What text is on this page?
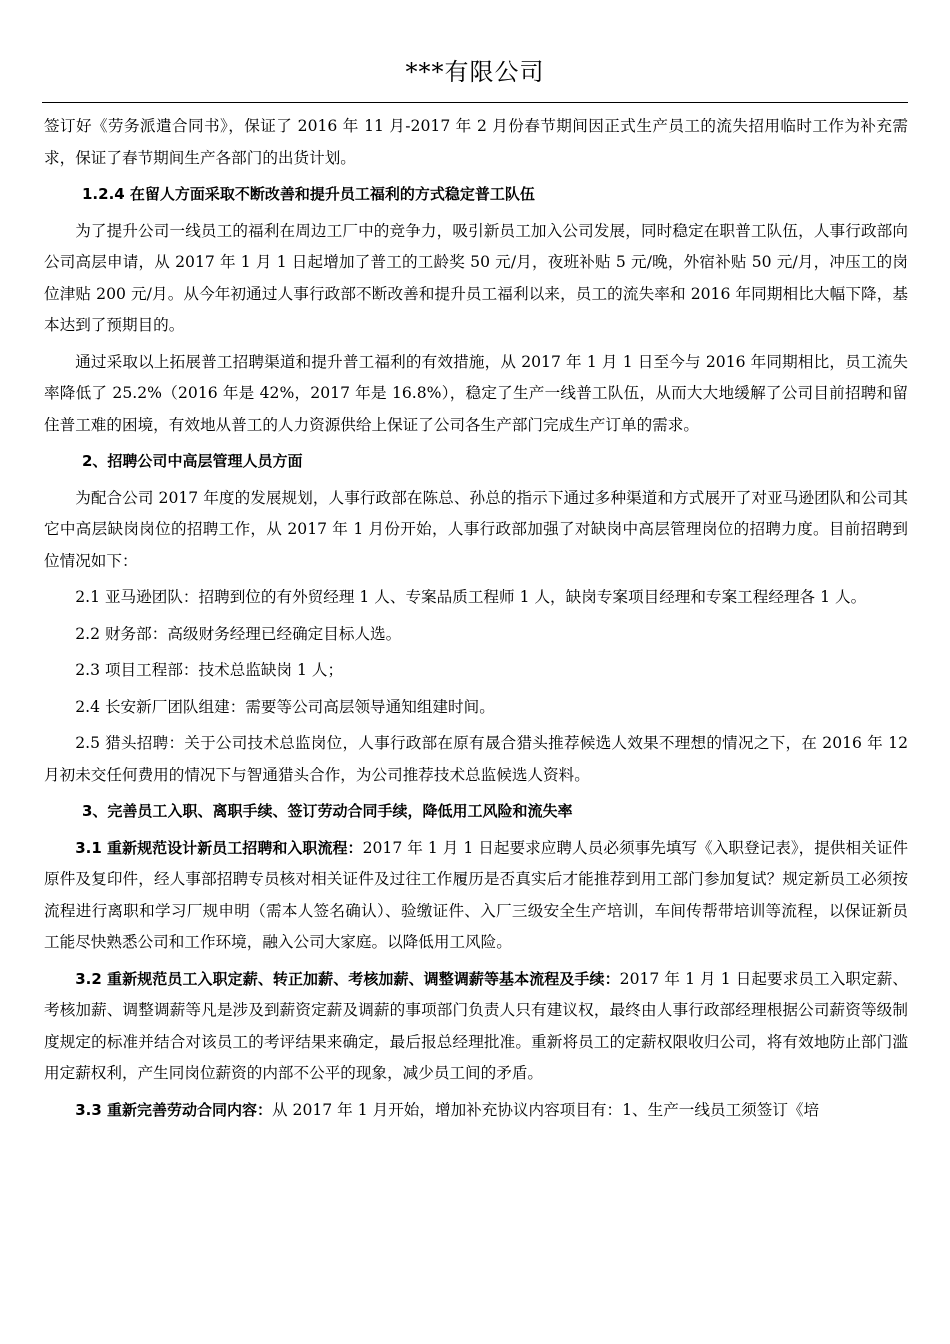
***有限公司

签订好《劳务派遣合同书》，保证了 2016 年 11 月-2017 年 2 月份春节期间因正式生产员工的流失招用临时工作为补充需求，保证了春节期间生产各部门的出货计划。

1.2.4 在留人方面采取不断改善和提升员工福利的方式稳定普工队伍

为了提升公司一线员工的福利在周边工厂中的竞争力，吸引新员工加入公司发展，同时稳定在职普工队伍，人事行政部向公司高层申请，从 2017 年 1 月 1 日起增加了普工的工龄奖 50 元/月，夜班补贴 5 元/晚，外宿补贴 50 元/月，冲压工的岗位津贴 200 元/月。从今年初通过人事行政部不断改善和提升员工福利以来，员工的流失率和 2016 年同期相比大幅下降，基本达到了预期目的。

通过采取以上拓展普工招聘渠道和提升普工福利的有效措施，从 2017 年 1 月 1 日至今与 2016 年同期相比，员工流失率降低了 25.2%（2016 年是 42%，2017 年是 16.8%），稳定了生产一线普工队伍，从而大大地缓解了公司目前招聘和留住普工难的困境，有效地从普工的人力资源供给上保证了公司各生产部门完成生产订单的需求。

2、招聘公司中高层管理人员方面

为配合公司 2017 年度的发展规划，人事行政部在陈总、孙总的指示下通过多种渠道和方式展开了对亚马逊团队和公司其它中高层缺岗岗位的招聘工作，从 2017 年 1 月份开始，人事行政部加强了对缺岗中高层管理岗位的招聘力度。目前招聘到位情况如下：

2.1 亚马逊团队：招聘到位的有外贸经理 1 人、专案品质工程师 1 人，缺岗专案项目经理和专案工程经理各 1 人。

2.2 财务部：高级财务经理已经确定目标人选。

2.3 项目工程部：技术总监缺岗 1 人；

2.4 长安新厂团队组建：需要等公司高层领导通知组建时间。

2.5 猎头招聘：关于公司技术总监岗位，人事行政部在原有晟合猎头推荐候选人效果不理想的情况之下，在 2016 年 12 月初未交任何费用的情况下与智通猎头合作，为公司推荐技术总监候选人资料。

3、完善员工入职、离职手续、签订劳动合同手续，降低用工风险和流失率

3.1 重新规范设计新员工招聘和入职流程：2017 年 1 月 1 日起要求应聘人员必须事先填写《入职登记表》，提供相关证件原件及复印件，经人事部招聘专员核对相关证件及过往工作履历是否真实后才能推荐到用工部门参加复试？规定新员工必须按流程进行离职和学习厂规申明（需本人签名确认）、验缴证件、入厂三级安全生产培训，车间传帮带培训等流程，以保证新员工能尽快熟悉公司和工作环境，融入公司大家庭。以降低用工风险。

3.2 重新规范员工入职定薪、转正加薪、考核加薪、调整调薪等基本流程及手续：2017 年 1 月 1 日起要求员工入职定薪、考核加薪、调整调薪等凡是涉及到薪资定薪及调薪的事项部门负责人只有建议权，最终由人事行政部经理根据公司薪资等级制度规定的标准并结合对该员工的考评结果来确定，最后报总经理批准。重新将员工的定薪权限收归公司，将有效地防止部门滥用定薪权利，产生同岗位薪资的内部不公平的现象，减少员工间的矛盾。

3.3 重新完善劳动合同内容：从 2017 年 1 月开始，增加补充协议内容项目有：1、生产一线员工须签订《培
